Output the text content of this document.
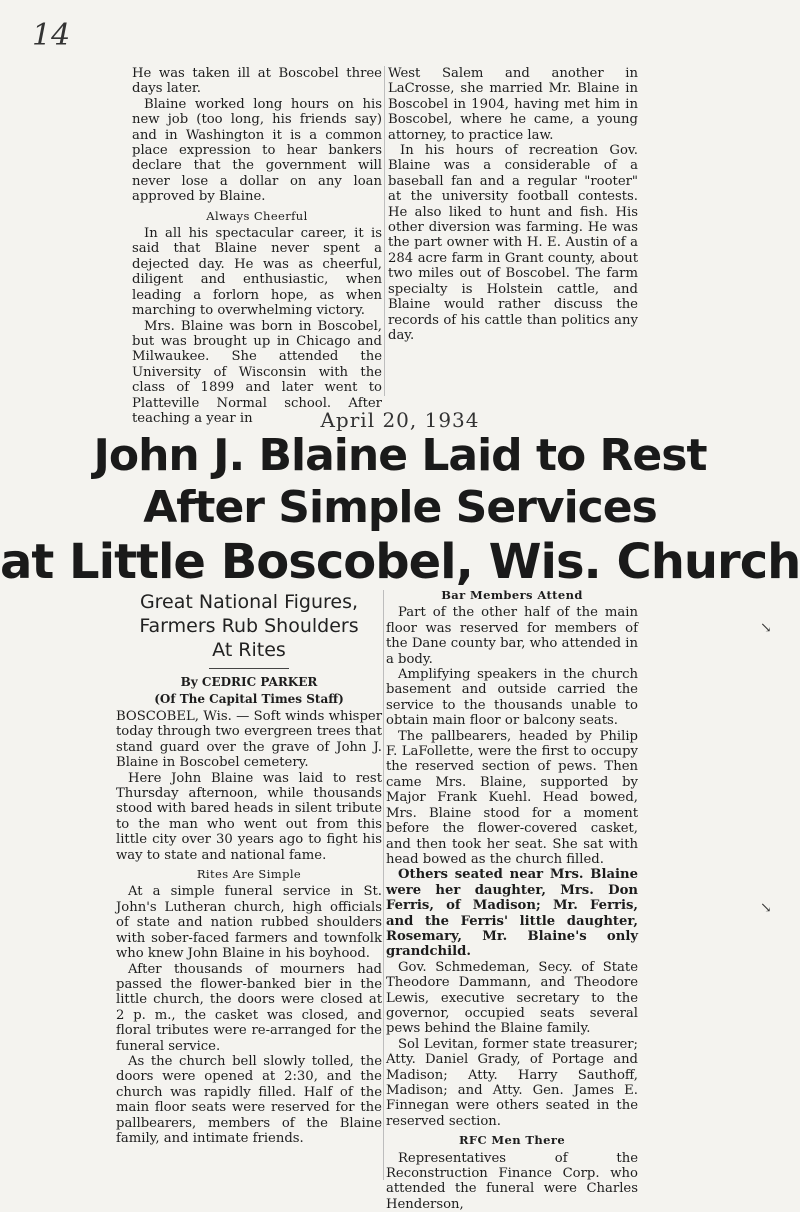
14

He was taken ill at Boscobel three days later.

Blaine worked long hours on his new job (too long, his friends say) and in Washington it is a common place expression to hear bankers declare that the government will never lose a dollar on any loan approved by Blaine.

Always Cheerful

In all his spectacular career, it is said that Blaine never spent a dejected day. He was as cheerful, diligent and enthusiastic, when leading a forlorn hope, as when marching to overwhelming victory.

Mrs. Blaine was born in Boscobel, but was brought up in Chicago and Milwaukee. She attended the University of Wisconsin with the class of 1899 and later went to Platteville Normal school. After teaching a year in

West Salem and another in LaCrosse, she married Mr. Blaine in Boscobel in 1904, having met him in Boscobel, where he came, a young attorney, to practice law.

In his hours of recreation Gov. Blaine was a considerable of a baseball fan and a regular "rooter" at the university football contests. He also liked to hunt and fish. His other diversion was farming. He was the part owner with H. E. Austin of a 284 acre farm in Grant county, about two miles out of Boscobel. The farm specialty is Holstein cattle, and Blaine would rather discuss the records of his cattle than politics any day.

April 20, 1934
John J. Blaine Laid to Rest
After Simple Services
at Little Boscobel, Wis. Church
Great National Figures,
Farmers Rub Shoulders
At Rites
By CEDRIC PARKER
(Of The Capital Times Staff)

BOSCOBEL, Wis. — Soft winds whisper today through two evergreen trees that stand guard over the grave of John J. Blaine in Boscobel cemetery.

Here John Blaine was laid to rest Thursday afternoon, while thousands stood with bared heads in silent tribute to the man who went out from this little city over 30 years ago to fight his way to state and national fame.

Rites Are Simple

At a simple funeral service in St. John's Lutheran church, high officials of state and nation rubbed shoulders with sober-faced farmers and townfolk who knew John Blaine in his boyhood.

After thousands of mourners had passed the flower-banked bier in the little church, the doors were closed at 2 p. m., the casket was closed, and floral tributes were re-arranged for the funeral service.

As the church bell slowly tolled, the doors were opened at 2:30, and the church was rapidly filled. Half of the main floor seats were reserved for the pallbearers, members of the Blaine family, and intimate friends.

Bar Members Attend

Part of the other half of the main floor was reserved for members of the Dane county bar, who attended in a body.

Amplifying speakers in the church basement and outside carried the service to the thousands unable to obtain main floor or balcony seats.

The pallbearers, headed by Philip F. LaFollette, were the first to occupy the reserved section of pews. Then came Mrs. Blaine, supported by Major Frank Kuehl. Head bowed, Mrs. Blaine stood for a moment before the flower-covered casket, and then took her seat. She sat with head bowed as the church filled.

Others seated near Mrs. Blaine were her daughter, Mrs. Don Ferris, of Madison; Mr. Ferris, and the Ferris' little daughter, Rosemary, Mr. Blaine's only grandchild.

Gov. Schmedeman, Secy. of State Theodore Dammann, and Theodore Lewis, executive secretary to the governor, occupied seats several pews behind the Blaine family.

Sol Levitan, former state treasurer; Atty. Daniel Grady, of Portage and Madison; Atty. Harry Sauthoff, Madison; and Atty. Gen. James E. Finnegan were others seated in the reserved section.

RFC Men There

Representatives of the Reconstruction Finance Corp. who attended the funeral were Charles Henderson,

↘
↘
